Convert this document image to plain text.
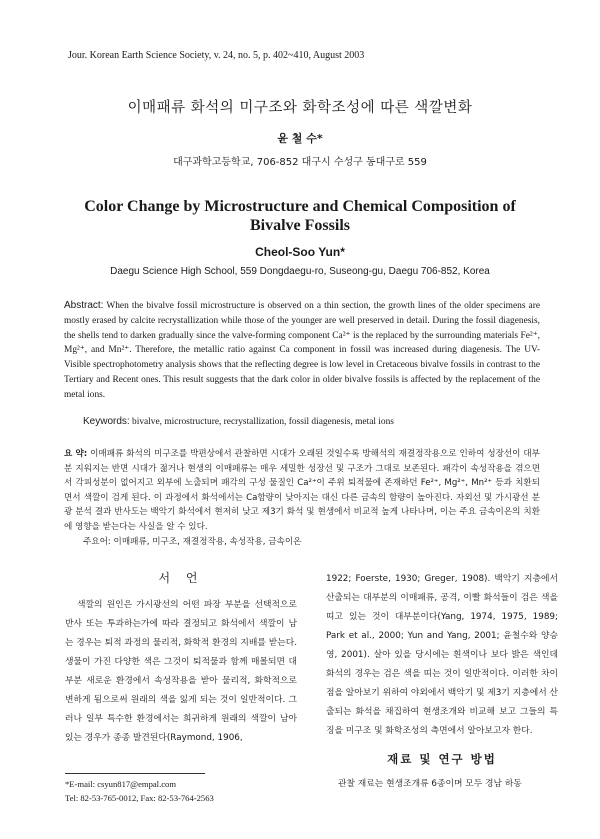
Jour. Korean Earth Science Society, v. 24, no. 5, p. 402~410, August 2003
이매패류 화석의 미구조와 화학조성에 따른 색깔변화
윤 철 수*
대구과학고등학교, 706-852 대구시 수성구 동대구로 559
Color Change by Microstructure and Chemical Composition of Bivalve Fossils
Cheol-Soo Yun*
Daegu Science High School, 559 Dongdaegu-ro, Suseong-gu, Daegu 706-852, Korea
Abstract: When the bivalve fossil microstructure is observed on a thin section, the growth lines of the older specimens are mostly erased by calcite recrystallization while those of the younger are well preserved in detail. During the fossil diagenesis, the shells tend to darken gradually since the valve-forming component Ca²⁺ is the replaced by the surrounding materials Fe²⁺, Mg²⁺, and Mn²⁺. Therefore, the metallic ratio against Ca component in fossil was increased during diagenesis. The UV-Visible spectrophotometry analysis shows that the reflecting degree is low level in Cretaceous bivalve fossils in contrast to the Tertiary and Recent ones. This result suggests that the dark color in older bivalve fossils is affected by the replacement of the metal ions.
Keywords: bivalve, microstructure, recrystallization, fossil diagenesis, metal ions
요 약: 이매패류 화석의 미구조를 박편상에서 관찰하면 시대가 오래된 것일수록 방해석의 재결정작용으로 인하여 성장선이 대부분 지워지는 반면 시대가 젊거나 현생의 이매패류는 매우 세밀한 성장선 및 구조가 그대로 보존된다. 패각이 속성작용을 겪으면서 각피성분이 없어지고 외부에 노출되며 패각의 구성 물질인 Ca²⁺이 주위 퇴적물에 존재하던 Fe²⁺, Mg²⁺, Mn²⁺ 등과 치환되면서 색깔이 검게 된다. 이 과정에서 화석에서는 Ca함량이 낮아지는 대신 다른 금속의 함량이 높아진다. 자외선 및 가시광선 분광 분석 결과 반사도는 백악기 화석에서 현저히 낮고 제3기 화석 및 현생에서 비교적 높게 나타나며, 이는 주요 금속이온의 치환에 영향을 받는다는 사실을 알 수 있다.
주요어: 이매패류, 미구조, 재결정작용, 속성작용, 금속이온
서 언

색깔의 원인은 가시광선의 어떤 파장 부분을 선택적으로 반사 또는 투과하는가에 따라 결정되고 화석에서 색깔이 남는 경우는 퇴적 과정의 물리적, 화학적 환경의 지배를 받는다. 생물이 가진 다양한 색은 그것이 퇴적물과 함께 매몰되면 대부분 새로운 환경에서 속성작용을 받아 물리적, 화학적으로 변하게 됨으로써 원래의 색을 잃게 되는 것이 일반적이다. 그러나 일부 특수한 환경에서는 희귀하게 원래의 색깔이 남아 있는 경우가 종종 발견된다(Raymond, 1906,

1922; Foerste, 1930; Greger, 1908). 백악기 지층에서 산출되는 대부분의 이매패류, 공격, 이빨 화석들이 검은 색을 띠고 있는 것이 대부분이다(Yang, 1974, 1975, 1989; Park et al., 2000; Yun and Yang, 2001; 윤철수와 양승영, 2001). 살아 있을 당시에는 흰색이나 보다 밝은 색인데 화석의 경우는 검은 색을 띠는 것이 일반적이다. 이러한 차이점을 알아보기 위하여 야외에서 백악기 및 제3기 지층에서 산출되는 화석을 채집하여 현생조개와 비교해 보고 그들의 특징을 미구조 및 화학조성의 측면에서 알아보고자 한다.

재료 및 연구 방법

관찰 재료는 현생조개류 6종이며 모두 경남 하동

*E-mail: csyun817@empal.com
Tel: 82-53-765-0012, Fax: 82-53-764-2563
